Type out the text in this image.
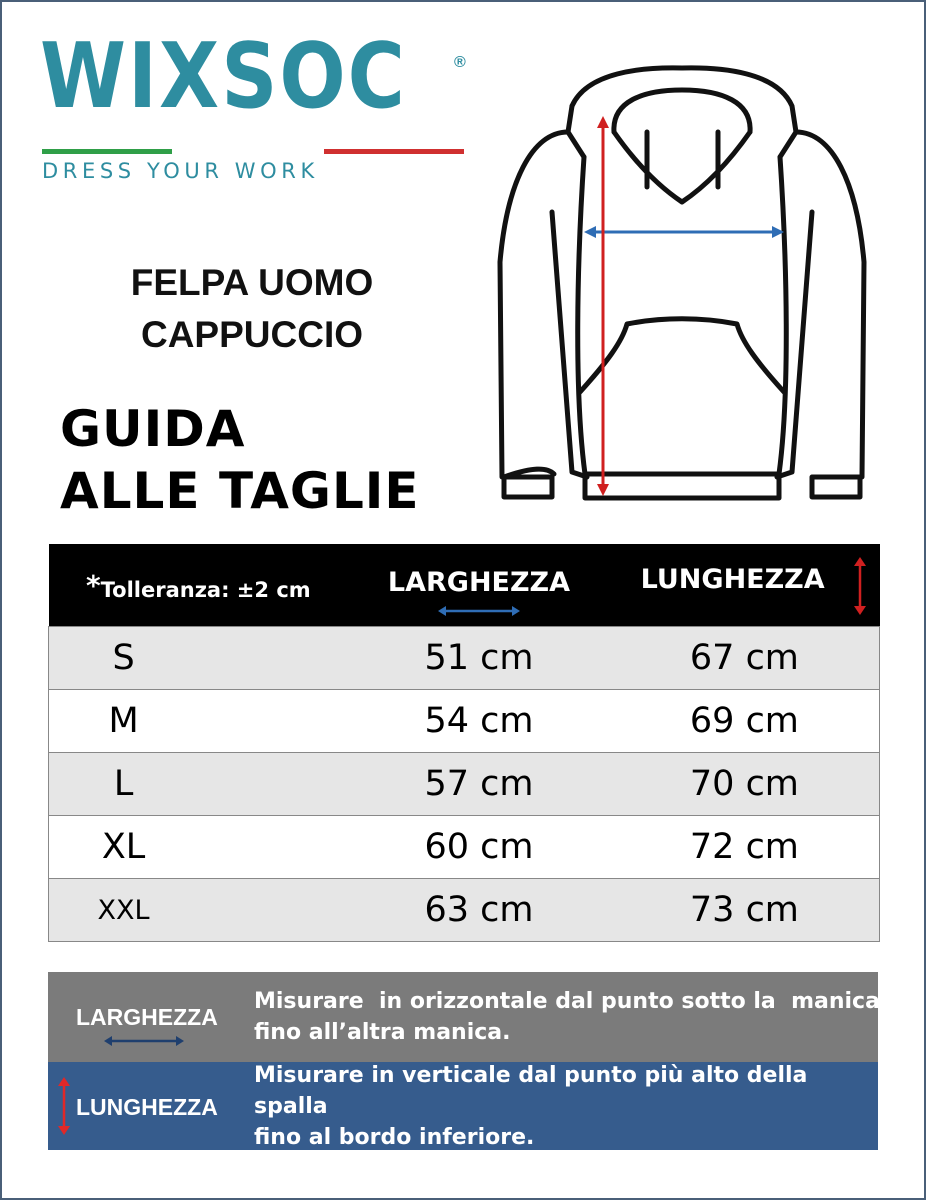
WIXSOC	®
DRESS YOUR WORK
FELPA UOMO
CAPPUCCIO
GUIDA
ALLE TAGLIE
*Tolleranza: ±2 cm	LARGHEZZA	LUNGHEZZA

S	51 cm	67 cm
M	54 cm	69 cm
L	57 cm	70 cm
XL	60 cm	72 cm
XXL	63 cm	73 cm
LARGHEZZA
Misurare  in orizzontale dal punto sotto la  manica
fino all’altra manica.
LUNGHEZZA
Misurare in verticale dal punto più alto della spalla
fino al bordo inferiore.
